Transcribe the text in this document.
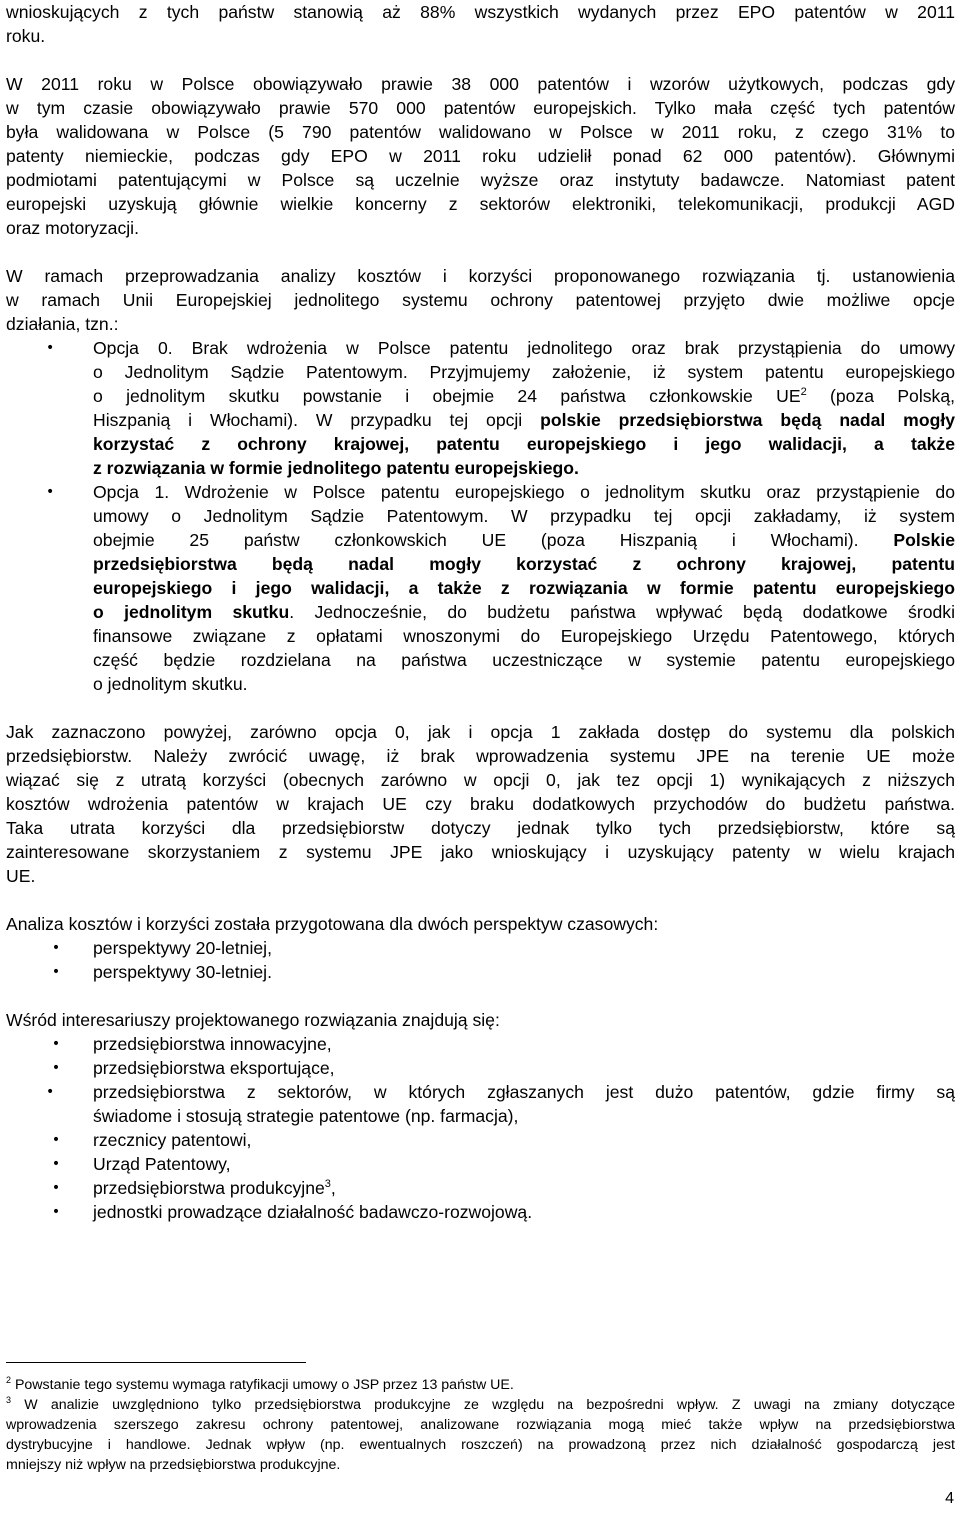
wnioskujących z tych państw stanowią aż 88% wszystkich wydanych przez EPO patentów w 2011
roku.
W 2011 roku w Polsce obowiązywało prawie 38 000 patentów i wzorów użytkowych, podczas gdy
w tym czasie obowiązywało prawie 570 000 patentów europejskich. Tylko mała część tych patentów
była walidowana w Polsce (5 790 patentów walidowano w Polsce w 2011 roku, z czego 31% to
patenty niemieckie, podczas gdy EPO w 2011 roku udzielił ponad 62 000 patentów). Głównymi
podmiotami patentującymi w Polsce są uczelnie wyższe oraz instytuty badawcze. Natomiast patent
europejski uzyskują głównie wielkie koncerny z sektorów elektroniki, telekomunikacji, produkcji AGD
oraz motoryzacji.
W ramach przeprowadzania analizy kosztów i korzyści proponowanego rozwiązania tj. ustanowienia
w ramach Unii Europejskiej jednolitego systemu ochrony patentowej przyjęto dwie możliwe opcje
działania, tzn.:
•	Opcja 0. Brak wdrożenia w Polsce patentu jednolitego oraz brak przystąpienia do umowy
o Jednolitym Sądzie Patentowym. Przyjmujemy założenie, iż system patentu europejskiego
o jednolitym skutku powstanie i obejmie 24 państwa członkowskie $UE^2$ (poza Polską,
Hiszpanią i Włochami). W przypadku tej opcji polskie przedsiębiorstwa będą nadal mogły
korzystać z ochrony krajowej, patentu europejskiego i jego walidacji, a także
z rozwiązania w formie jednolitego patentu europejskiego.
•	Opcja 1. Wdrożenie w Polsce patentu europejskiego o jednolitym skutku oraz przystąpienie do
umowy o Jednolitym Sądzie Patentowym. W przypadku tej opcji zakładamy, iż system
obejmie 25 państw członkowskich UE (poza Hiszpanią i Włochami). Polskie
przedsiębiorstwa będą nadal mogły korzystać z ochrony krajowej, patentu
europejskiego i jego walidacji, a także z rozwiązania w formie patentu europejskiego
o jednolitym skutku. Jednocześnie, do budżetu państwa wpływać będą dodatkowe środki
finansowe związane z opłatami wnoszonymi do Europejskiego Urzędu Patentowego, których
część będzie rozdzielana na państwa uczestniczące w systemie patentu europejskiego
o jednolitym skutku.
Jak zaznaczono powyżej, zarówno opcja 0, jak i opcja 1 zakłada dostęp do systemu dla polskich
przedsiębiorstw. Należy zwrócić uwagę, iż brak wprowadzenia systemu JPE na terenie UE może
wiązać się z utratą korzyści (obecnych zarówno w opcji 0, jak tez opcji 1) wynikających z niższych
kosztów wdrożenia patentów w krajach UE czy braku dodatkowych przychodów do budżetu państwa.
Taka utrata korzyści dla przedsiębiorstw dotyczy jednak tylko tych przedsiębiorstw, które są
zainteresowane skorzystaniem z systemu JPE jako wnioskujący i uzyskujący patenty w wielu krajach
UE.
Analiza kosztów i korzyści została przygotowana dla dwóch perspektyw czasowych:
•	perspektywy 20-letniej,
•	perspektywy 30-letniej.
Wśród interesariuszy projektowanego rozwiązania znajdują się:
•	przedsiębiorstwa innowacyjne,
•	przedsiębiorstwa eksportujące,
•	przedsiębiorstwa z sektorów, w których zgłaszanych jest dużo patentów, gdzie firmy są
świadome i stosują strategie patentowe (np. farmacja),
•	rzecznicy patentowi,
•	Urząd Patentowy,
•	przedsiębiorstwa produkcyjne$^3$,
•	jednostki prowadzące działalność badawczo-rozwojową.
$^2$ Powstanie tego systemu wymaga ratyfikacji umowy o JSP przez 13 państw UE.
$^3$ W analizie uwzględniono tylko przedsiębiorstwa produkcyjne ze względu na bezpośredni wpływ. Z uwagi na zmiany dotyczące
wprowadzenia szerszego zakresu ochrony patentowej, analizowane rozwiązania mogą mieć także wpływ na przedsiębiorstwa
dystrybucyjne i handlowe. Jednak wpływ (np. ewentualnych roszczeń) na prowadzoną przez nich działalność gospodarczą jest
mniejszy niż wpływ na przedsiębiorstwa produkcyjne.
4
